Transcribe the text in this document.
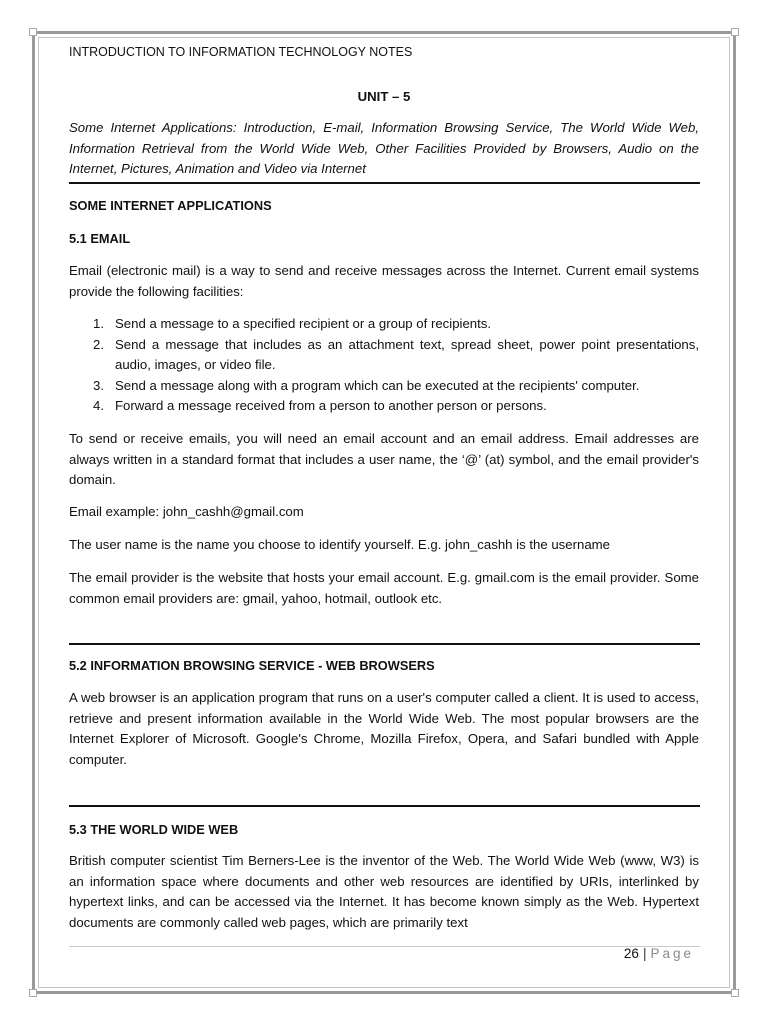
INTRODUCTION TO INFORMATION TECHNOLOGY NOTES
UNIT – 5
Some Internet Applications: Introduction, E-mail, Information Browsing Service, The World Wide Web, Information Retrieval from the World Wide Web, Other Facilities Provided by Browsers, Audio on the Internet, Pictures, Animation and Video via Internet
SOME INTERNET APPLICATIONS
5.1 EMAIL
Email (electronic mail) is a way to send and receive messages across the Internet. Current email systems provide the following facilities:
1. Send a message to a specified recipient or a group of recipients.
2. Send a message that includes as an attachment text, spread sheet, power point presentations, audio, images, or video file.
3. Send a message along with a program which can be executed at the recipients' computer.
4. Forward a message received from a person to another person or persons.
To send or receive emails, you will need an email account and an email address. Email addresses are always written in a standard format that includes a user name, the ‘@’ (at) symbol, and the email provider's domain.
Email example: john_cashh@gmail.com
The user name is the name you choose to identify yourself. E.g. john_cashh is the username
The email provider is the website that hosts your email account. E.g. gmail.com is the email provider. Some common email providers are: gmail, yahoo, hotmail, outlook etc.
5.2 INFORMATION BROWSING SERVICE - WEB BROWSERS
A web browser is an application program that runs on a user's computer called a client. It is used to access, retrieve and present information available in the World Wide Web. The most popular browsers are the Internet Explorer of Microsoft. Google's Chrome, Mozilla Firefox, Opera, and Safari bundled with Apple computer.
5.3 THE WORLD WIDE WEB
British computer scientist Tim Berners-Lee is the inventor of the Web. The World Wide Web (www, W3) is an information space where documents and other web resources are identified by URIs, interlinked by hypertext links, and can be accessed via the Internet. It has become known simply as the Web. Hypertext documents are commonly called web pages, which are primarily text
26 | Page
